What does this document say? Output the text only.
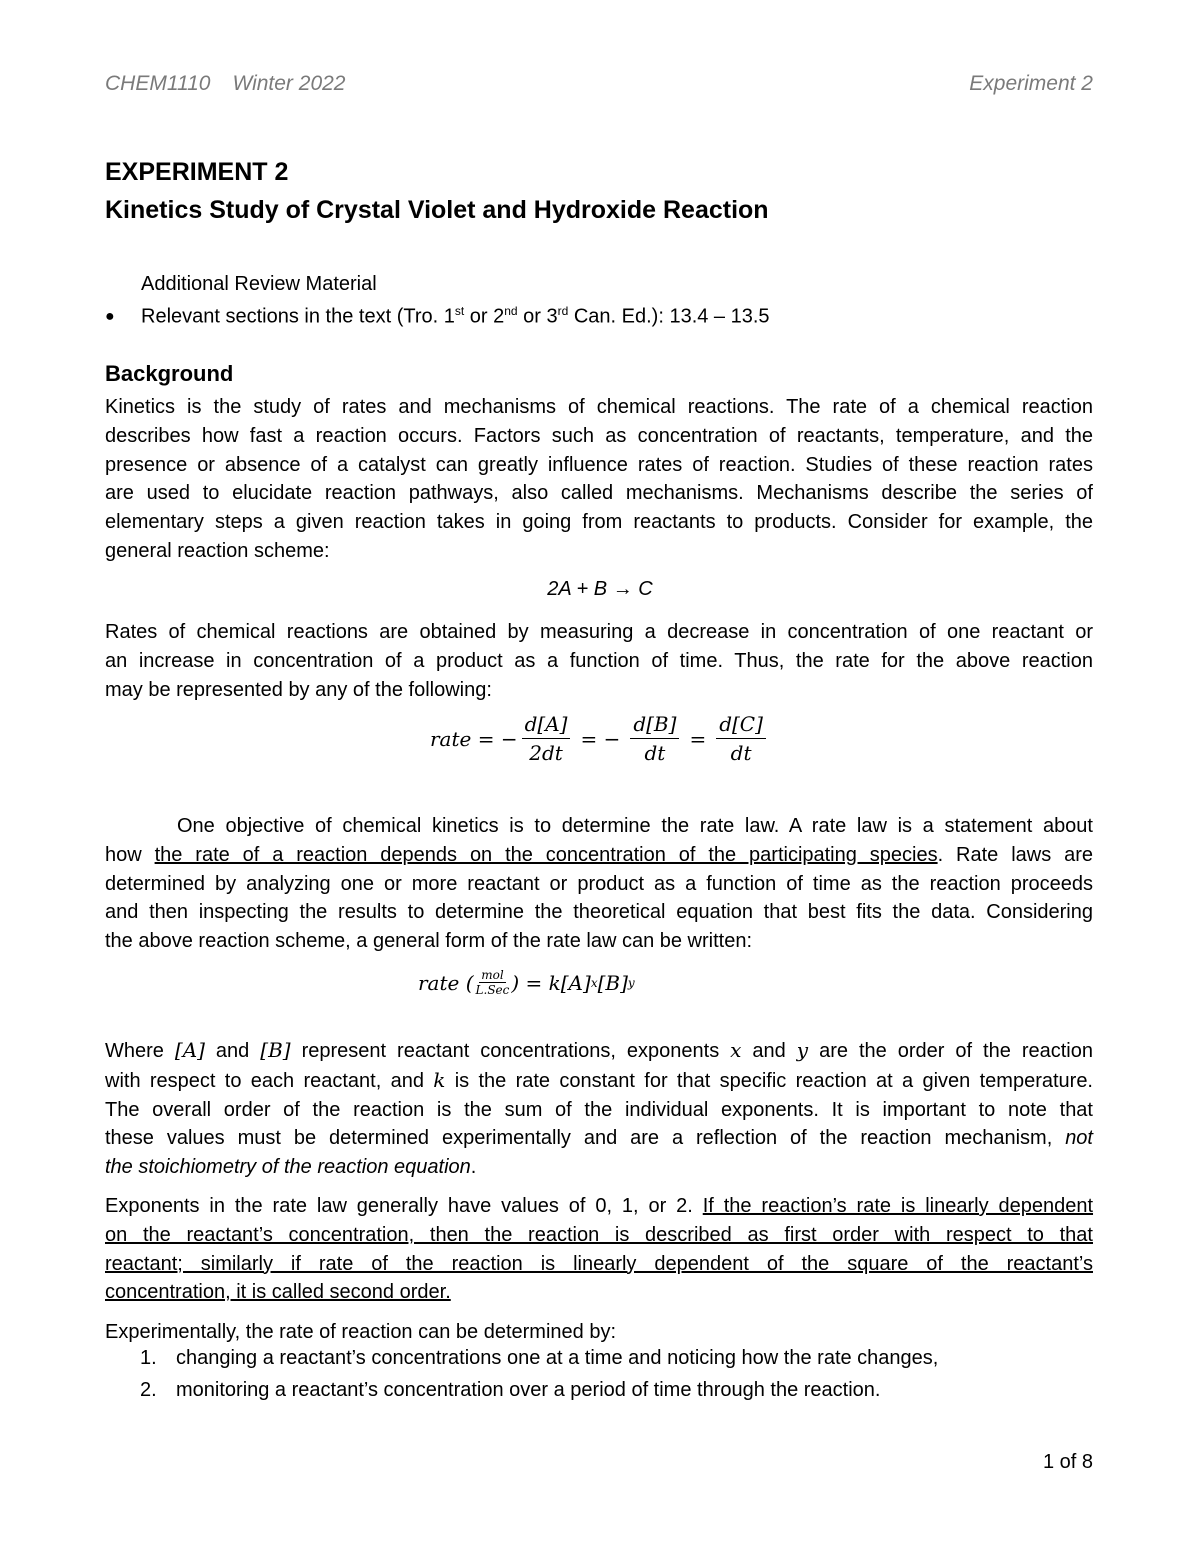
CHEM1110 Winter 2022	Experiment 2
EXPERIMENT 2
Kinetics Study of Crystal Violet and Hydroxide Reaction
Additional Review Material
●	Relevant sections in the text (Tro. 1st or 2nd or 3rd Can. Ed.): 13.4 – 13.5
Background
Kinetics is the study of rates and mechanisms of chemical reactions. The rate of a chemical reaction
describes how fast a reaction occurs. Factors such as concentration of reactants, temperature, and the
presence or absence of a catalyst can greatly influence rates of reaction. Studies of these reaction rates
are used to elucidate reaction pathways, also called mechanisms. Mechanisms describe the series of
elementary steps a given reaction takes in going from reactants to products. Consider for example, the
general reaction scheme:
2A + B → C
Rates of chemical reactions are obtained by measuring a decrease in concentration of one reactant or
an increase in concentration of a product as a function of time. Thus, the rate for the above reaction
may be represented by any of the following:
rate = − $\frac{d[A]}{2dt}$ = − $\frac{d[B]}{dt} = \frac{d[C]}{dt}$
One objective of chemical kinetics is to determine the rate law. A rate law is a statement about
how the rate of a reaction depends on the concentration of the participating species. Rate laws are
determined by analyzing one or more reactant or product as a function of time as the reaction proceeds
and then inspecting the results to determine the theoretical equation that best fits the data. Considering
the above reaction scheme, a general form of the rate law can be written:
rate ( $\frac{\text{mol}}{\text{L.Sec}}$ ) = k[A] x [B] y
Where [A] and [B] represent reactant concentrations, exponents x and y are the order of the reaction
with respect to each reactant, and k is the rate constant for that specific reaction at a given temperature.
The overall order of the reaction is the sum of the individual exponents. It is important to note that
these values must be determined experimentally and are a reflection of the reaction mechanism, not
the stoichiometry of the reaction equation.
Exponents in the rate law generally have values of 0, 1, or 2. If the reaction’s rate is linearly dependent
on the reactant’s concentration, then the reaction is described as first order with respect to that
reactant; similarly if rate of the reaction is linearly dependent of the square of the reactant’s
concentration, it is called second order.
Experimentally, the rate of reaction can be determined by:
1. changing a reactant’s concentrations one at a time and noticing how the rate changes,
2. monitoring a reactant’s concentration over a period of time through the reaction.
1 of 8
